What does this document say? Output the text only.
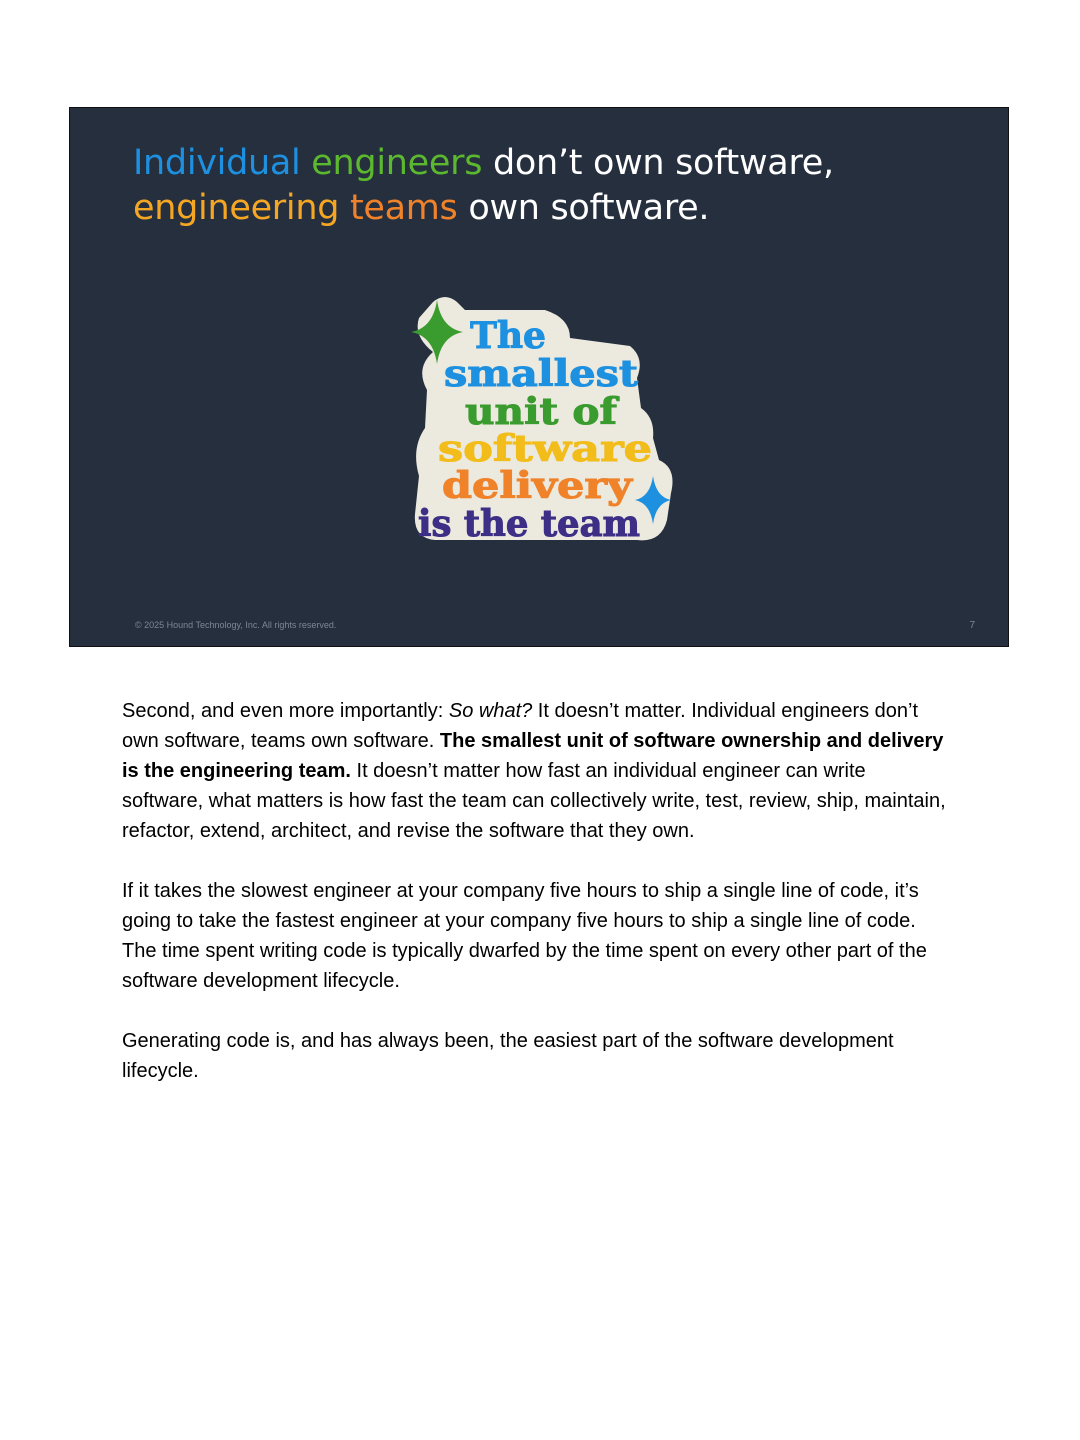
Individual engineers don’t own software,
engineering teams own software.
The
smallest
unit of
software
delivery
is the team
© 2025 Hound Technology, Inc. All rights reserved.	7

Second, and even more importantly: So what? It doesn’t matter. Individual engineers don’t own software, teams own software. The smallest unit of software ownership and delivery is the engineering team. It doesn’t matter how fast an individual engineer can write software, what matters is how fast the team can collectively write, test, review, ship, maintain, refactor, extend, architect, and revise the software that they own.

If it takes the slowest engineer at your company five hours to ship a single line of code, it’s going to take the fastest engineer at your company five hours to ship a single line of code. The time spent writing code is typically dwarfed by the time spent on every other part of the software development lifecycle.

Generating code is, and has always been, the easiest part of the software development lifecycle.
